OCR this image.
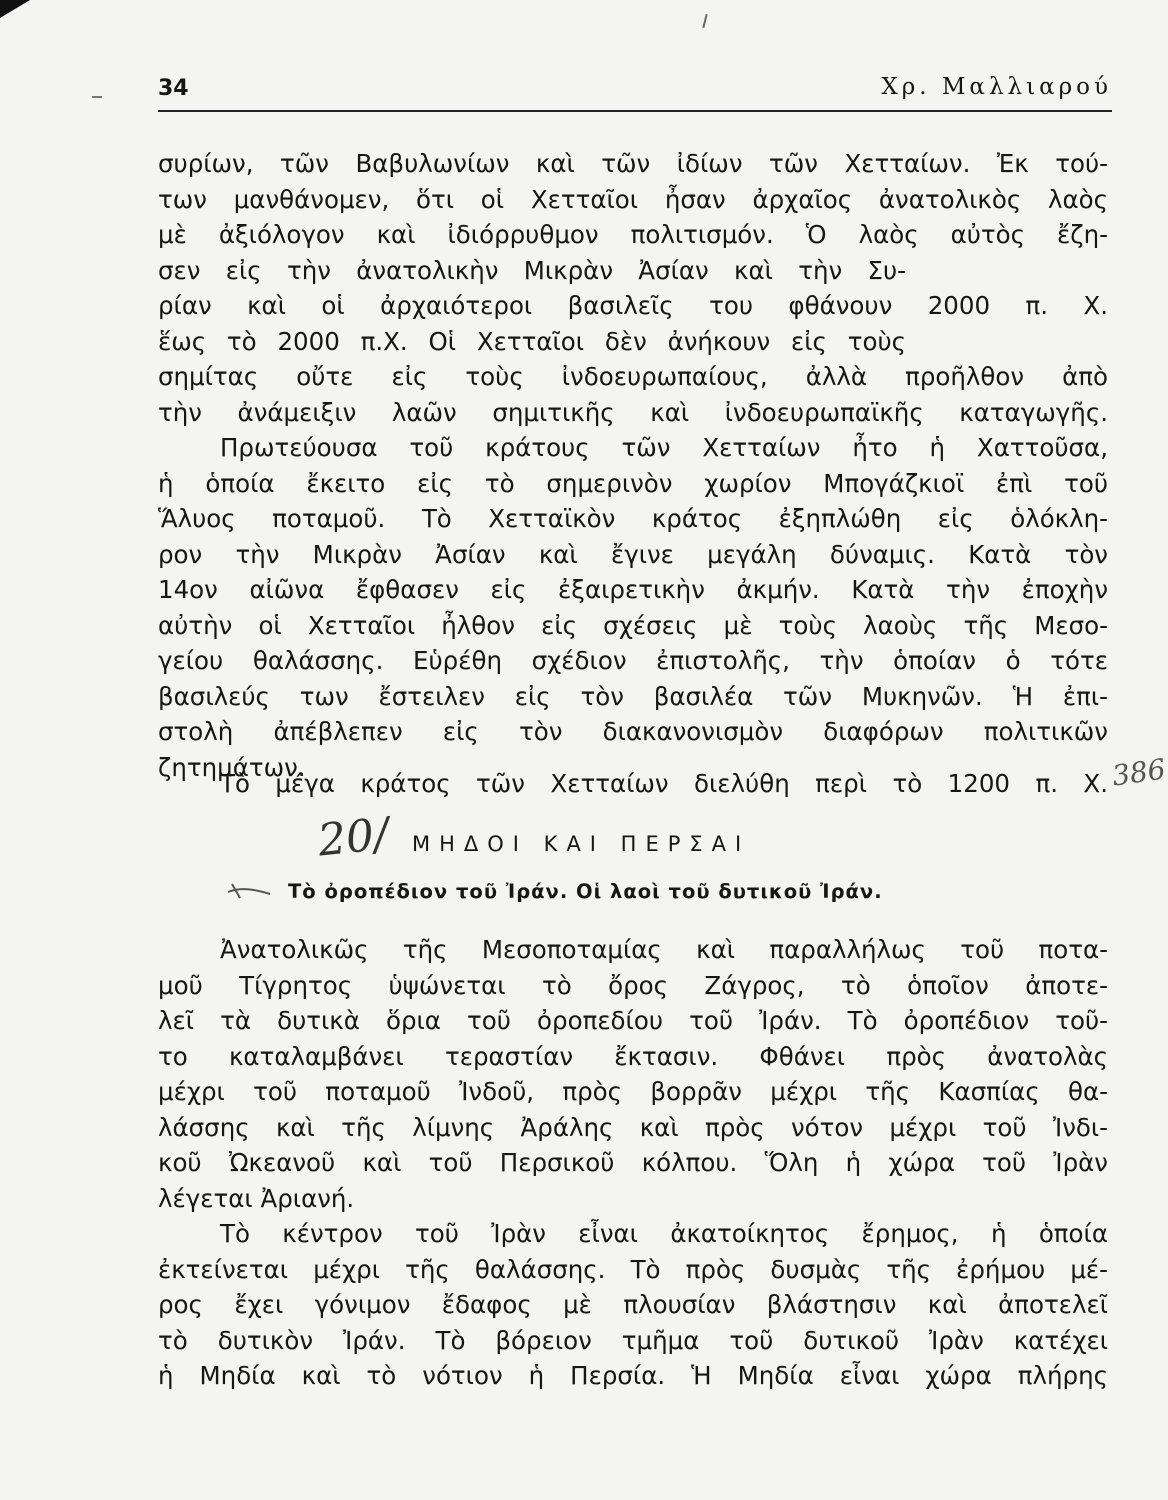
34	Χρ. Μαλλιαρού
συρίων, τῶν Βαβυλωνίων καὶ τῶν ἰδίων τῶν Χετταίων. Ἐκ τού-
των μανθάνομεν, ὅτι οἱ Χετταῖοι ἦσαν ἀρχαῖος ἀνατολικὸς λαὸς
μὲ ἀξιόλογον καὶ ἰδιόρρυθμον πολιτισμόν. Ὁ λαὸς αὐτὸς ἔζη-
σεν εἰς τὴν ἀνατολικὴν Μικρὰν Ἀσίαν καὶ τὴν Συ-
ρίαν καὶ οἱ ἀρχαιότεροι βασιλεῖς του φθάνουν 2000 π. Χ.
ἕως τὸ 2000 π.Χ. Οἱ Χετταῖοι δὲν ἀνήκουν εἰς τοὺς
σημίτας οὔτε εἰς τοὺς ἰνδοευρωπαίους, ἀλλὰ προῆλθον ἀπὸ
τὴν ἀνάμειξιν λαῶν σημιτικῆς καὶ ἰνδοευρωπαϊκῆς καταγωγῆς.
Πρωτεύουσα τοῦ κράτους τῶν Χετταίων ἦτο ἡ Χαττοῦσα,
ἡ ὁποία ἔκειτο εἰς τὸ σημερινὸν χωρίον Μπογάζκιοϊ ἐπὶ τοῦ
Ἅλυος ποταμοῦ. Τὸ Χετταϊκὸν κράτος ἐξηπλώθη εἰς ὁλόκλη-
ρον τὴν Μικρὰν Ἀσίαν καὶ ἔγινε μεγάλη δύναμις. Κατὰ τὸν
14ον αἰῶνα ἔφθασεν εἰς ἐξαιρετικὴν ἀκμήν. Κατὰ τὴν ἐποχὴν
αὐτὴν οἱ Χετταῖοι ἦλθον εἰς σχέσεις μὲ τοὺς λαοὺς τῆς Μεσο-
γείου θαλάσσης. Εὑρέθη σχέδιον ἐπιστολῆς, τὴν ὁποίαν ὁ τότε
βασιλεύς των ἔστειλεν εἰς τὸν βασιλέα τῶν Μυκηνῶν. Ἡ ἐπι-
στολὴ ἀπέβλεπεν εἰς τὸν διακανονισμὸν διαφόρων πολιτικῶν
ζητημάτων.
Τὸ μέγα κράτος τῶν Χετταίων διελύθη περὶ τὸ 1200 π. Χ. 386
20/ ΜΗΔΟΙ ΚΑΙ ΠΕΡΣΑΙ
Τὸ ὀροπέδιον τοῦ Ἰράν. Οἱ λαοὶ τοῦ δυτικοῦ Ἰράν.
Ἀνατολικῶς τῆς Μεσοποταμίας καὶ παραλλήλως τοῦ ποτα-
μοῦ Τίγρητος ὑψώνεται τὸ ὄρος Ζάγρος, τὸ ὁποῖον ἀποτε-
λεῖ τὰ δυτικὰ ὅρια τοῦ ὀροπεδίου τοῦ Ἰράν. Τὸ ὀροπέδιον τοῦ-
το καταλαμβάνει τεραστίαν ἔκτασιν. Φθάνει πρὸς ἀνατολὰς
μέχρι τοῦ ποταμοῦ Ἰνδοῦ, πρὸς βορρᾶν μέχρι τῆς Κασπίας θα-
λάσσης καὶ τῆς λίμνης Ἀράλης καὶ πρὸς νότον μέχρι τοῦ Ἰνδι-
κοῦ Ὠκεανοῦ καὶ τοῦ Περσικοῦ κόλπου. Ὅλη ἡ χώρα τοῦ Ἰρὰν
λέγεται Ἀριανή.
Τὸ κέντρον τοῦ Ἰρὰν εἶναι ἀκατοίκητος ἔρημος, ἡ ὁποία
ἐκτείνεται μέχρι τῆς θαλάσσης. Τὸ πρὸς δυσμὰς τῆς ἐρήμου μέ-
ρος ἔχει γόνιμον ἔδαφος μὲ πλουσίαν βλάστησιν καὶ ἀποτελεῖ
τὸ δυτικὸν Ἰράν. Τὸ βόρειον τμῆμα τοῦ δυτικοῦ Ἰρὰν κατέχει
ἡ Μηδία καὶ τὸ νότιον ἡ Περσία. Ἡ Μηδία εἶναι χώρα πλήρης
